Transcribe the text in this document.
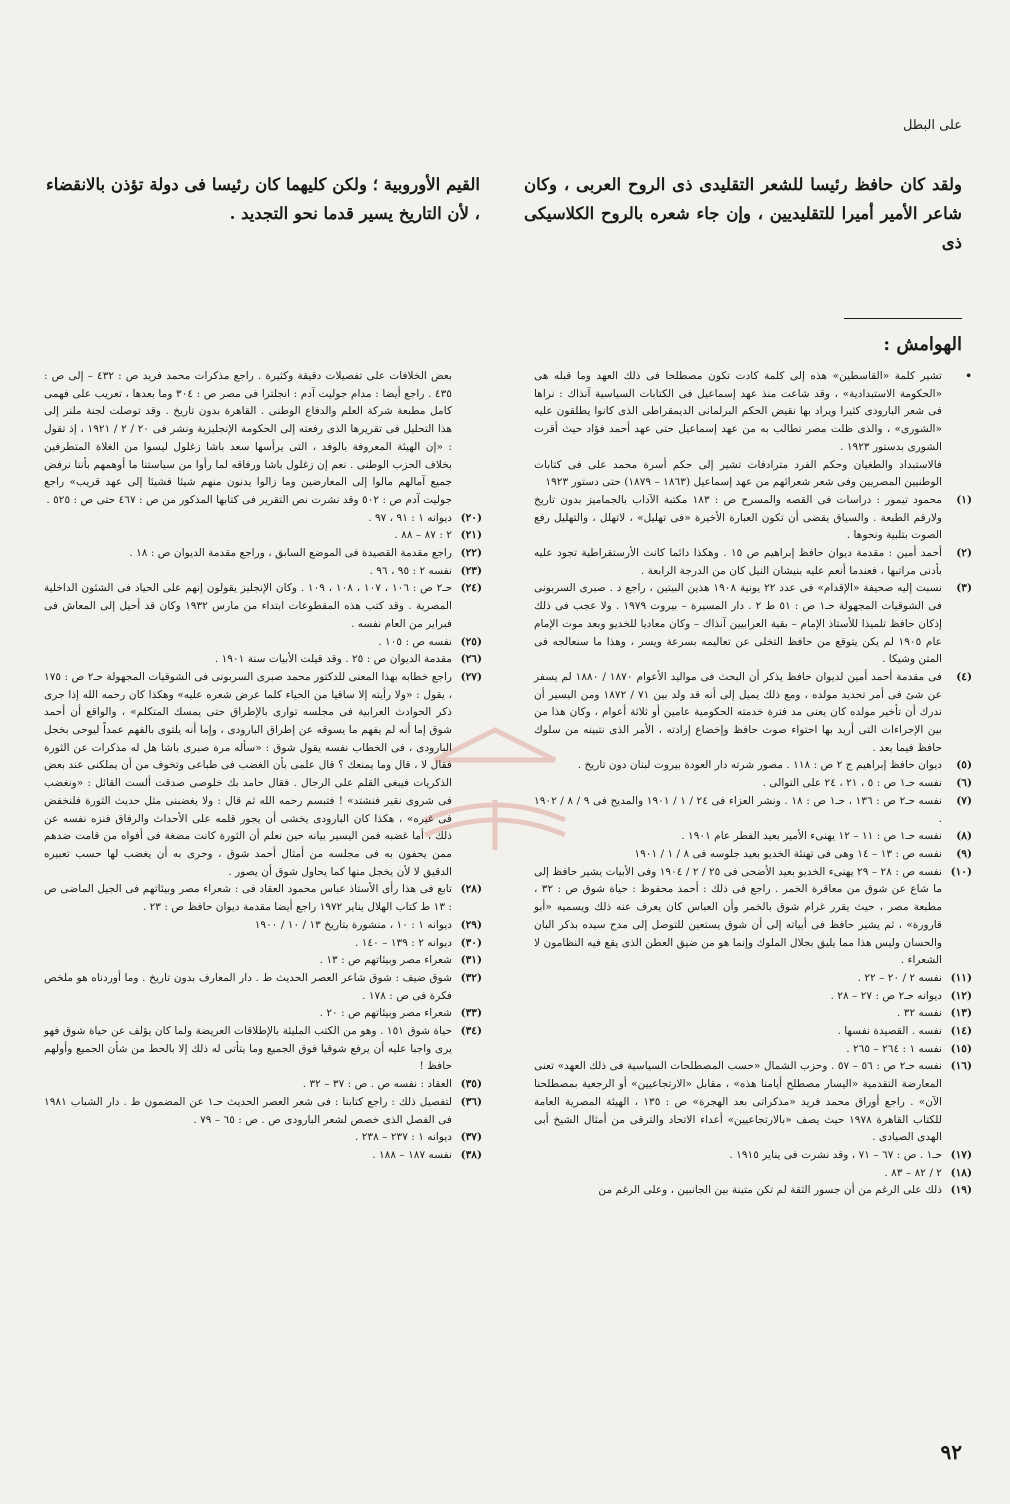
على البطل
ولقد كان حافظ رئيسا للشعر التقليدى ذى الروح العربى ، وكان شاعر الأمير أميرا للتقليديين ، وإن جاء شعره بالروح الكلاسيكى ذى
القيم الأوروبية ؛ ولكن كليهما كان رئيسا فى دولة تؤذن بالانقضاء ، لأن التاريخ يسير قدما نحو التجديد .
الهوامش :
•
تشير كلمة «القاسطين» هذه إلى كلمة كادت تكون مصطلحا فى ذلك العهد وما قبله هى «الحكومة الاستبدادية» ، وقد شاعت منذ عهد إسماعيل فى الكتابات السياسية آنذاك : نراها فى شعر البارودى كثيرا ويراد بها نقيض الحكم البرلمانى الديمقراطى الذى كانوا يطلقون عليه «الشورى» ، والذى ظلت مصر تطالب به من عهد إسماعيل حتى عهد أحمد فؤاد حيث أقرت الشورى بدستور ١٩٢٣ .
فالاستبداد والطغيان وحكم الفرد مترادفات تشير إلى حكم أسرة محمد على فى كتابات الوطنيين المصريين وفى شعر شعرائهم من عهد إسماعيل (١٨٦٣ – ١٨٧٩) حتى دستور ١٩٢٣
(١)
محمود تيمور : دراسات فى القصه والمسرح ص : ١٨٣ مكتبة الآداب بالجماميز بدون تاريخ ولارقم الطبعة . والسياق يقضى أن تكون العبارة الأخيرة «فى تهليل» ، لاتهلل ، والتهليل رفع الصوت بتلبية ونحوها .
(٢)
أحمد أمين : مقدمة ديوان حافظ إبراهيم ص ١٥ . وهكذا دائما كانت الأرستقراطية تجود عليه بأدنى مراتبها ، فعندما أنعم عليه بنيشان النيل كان من الدرجة الرابعة .
(٣)
نسبت إليه صحيفة «الإقدام» فى عدد ٢٢ يونية ١٩٠٨ هذين البيتين ، راجع د . صبرى السربونى فى الشوقيات المجهولة حـ١ ص : ٥١ ط ٢ . دار المسيرة – بيروت ١٩٧٩ . ولا عجب فى ذلك إذكان حافظ تلميذا للأستاذ الإمام – بقية العرابيين آنذاك – وكان معاديا للخديو وبعد موت الإمام عام ١٩٠٥ لم يكن يتوقع من حافظ التخلى عن تعاليمه بسرعة ويسر ، وهذا ما سنعالجه فى المتن وشيكا .
(٤)
فى مقدمة أحمد أمين لديوان حافظ يذكر أن البحث فى مواليد الأعوام ١٨٧٠ / ١٨٨٠ لم يسفر عن شئ فى أمر تحديد مولده ، ومع ذلك يميل إلى أنه قد ولد بين ٧١ / ١٨٧٢ ومن اليسير أن ندرك أن تأخير مولده كان يعنى مد فترة خدمته الحكومية عامين أو ثلاثة أعوام ، وكان هذا من بين الإجراءات التى أريد بها احتواء صوت حافظ وإخضاع إرادته ، الأمر الذى نتبينه من سلوك حافظ فيما بعد .
(٥)
ديوان حافظ إبراهيم ج ٢ ص : ١١٨ . مصور شرته دار العودة بيروت لبنان دون تاريخ .
(٦)
نفسه حـ١ ص : ٥ ، ٢١ ، ٢٤ على التوالى .
(٧)
نفسه حـ٢ ص : ١٣٦ ، حـ١ ص : ١٨ . ونشر العزاء فى ٢٤ / ١ / ١٩٠١ والمديح فى ٩ / ٨ / ١٩٠٢ .
(٨)
نفسه حـ١ ص : ١١ – ١٢ يهنىء الأمير بعيد الفطر عام ١٩٠١ .
(٩)
نفسه ص : ١٣ – ١٤ وهى فى تهنئة الخديو بعيد جلوسه فى ٨ / ١ / ١٩٠١
(١٠)
نفسه ص : ٢٨ – ٢٩ يهنىء الخديو بعيد الأضحى فى ٢٥ / ٢ / ١٩٠٤ وفى الأبيات يشير حافظ إلى ما شاع عن شوق من معاقرة الخمر . راجع فى ذلك : أحمد محفوظ : حياة شوق ص : ٣٢ ، مطبعة مصر ، حيث يقرر غرام شوق بالخمر وأن العباس كان يعرف عنه ذلك ويسميه «أبو قارورة» ، ثم يشير حافظ فى أبياته إلى أن شوق يستعين للتوصل إلى مدح سيده بذكر البان والحسان وليس هذا مما يليق بجلال الملوك وإنما هو من ضيق العطن الذى يقع فيه النظامون لا الشعراء .
(١١)
نفسه ٢ / ٢٠ – ٢٢ .
(١٢)
ديوانه حـ٢ ص : ٢٧ – ٢٨ .
(١٣)
نفسه ٣٢ .
(١٤)
نفسه . القصيدة نفسها .
(١٥)
نفسه ١ : ٢٦٤ – ٢٦٥ .
(١٦)
نفسه حـ٢ ص : ٥٦ – ٥٧ . وحزب الشمال «حسب المصطلحات السياسية فى ذلك العهد» تعنى المعارضة التقدمية «اليسار مصطلح أيامنا هذه» ، مقابل «الارتجاعيين» أو الرجعية بمصطلحنا الآن» . راجع أوراق محمد فريد «مذكراتى بعد الهجرة» ص : ١٣٥ ، الهيئة المصرية العامة للكتاب القاهرة ١٩٧٨ حيث يصف «بالارتجاعيين» أعداء الاتحاد والترقى من أمثال الشيخ أبى الهدى الصيادى .
(١٧)
حـ١ . ص : ٦٧ – ٧١ ، وقد نشرت فى يناير ١٩١٥ .
(١٨)
٢ / ٨٢ – ٨٣ .
(١٩)
ذلك على الرغم من أن جسور الثقة لم تكن متينة بين الجانبين ، وعلى الرغم من
بعض الخلافات على تفصيلات دقيقة وكثيرة . راجع مذكرات محمد فريد ص : ٤٣٢ – إلى ص : ٤٣٥ . راجع أيضا : مدام جوليت آدم : انجلترا فى مصر ص : ٣٠٤ وما بعدها ، تعريب على فهمى كامل مطبعة شركة العلم والدفاع الوطنى . القاهرة بدون تاريخ . وقد توصلت لجنة ملنر إلى هذا التحليل فى تقريرها الذى رفعته إلى الحكومة الإنجليزية ونشر فى ٢٠ / ٢ / ١٩٢١ ، إذ تقول : «إن الهيئة المعروفة بالوفد ، التى يرأسها سعد باشا زغلول ليسوا من الغلاة المتطرفين بخلاف الحزب الوطنى . نعم إن زغلول باشا ورفاقه لما رأوا من سياستنا ما أوهمهم بأننا نرفض جميع آمالهم مالوا إلى المعارضين وما زالوا يدنون منهم شيئا فشيئا إلى عهد قريب» راجع جوليت آدم ص : ٥٠٢ وقد نشرت نص التقرير فى كتابها المذكور من ص : ٤٦٧ حتى ص : ٥٢٥ .
(٢٠)
ديوانه ١ : ٩١ ، ٩٧ .
(٢١)
٢ : ٨٧ – ٨٨ .
(٢٢)
راجع مقدمة القصيدة فى الموضع السابق ، وراجع مقدمة الديوان ص : ١٨ .
(٢٣)
نفسه ٢ : ٩٥ ، ٩٦ .
(٢٤)
حـ٢ ص : ١٠٦ ، ١٠٧ ، ١٠٨ ، ١٠٩ . وكان الإنجليز يقولون إنهم على الحياد فى الشئون الداخلية المصرية . وقد كتب هذه المقطوعات ابتداء من مارس ١٩٣٢ وكان قد أحيل إلى المعاش فى فبراير من العام نفسه .
(٢٥)
نفسه ص : ١٠٥ .
(٢٦)
مقدمة الديوان ص : ٢٥ . وقد قيلت الأبيات سنة ١٩٠١ .
(٢٧)
راجع خطابه بهذا المعنى للدكتور محمد صبرى السربونى فى الشوقيات المجهولة حـ٢ ص : ١٧٥ ، يقول : «ولا رأيته إلا ساقيا من الحياء كلما عرض شعره عليه» وهكذا كان رحمه الله إذا جرى ذكر الحوادث العرابية فى مجلسه توارى بالإطراق حتى يمسك المتكلم» ، والواقع أن أحمد شوق إما أنه لم يفهم ما يسوقه عن إطراق البارودى ، وإما أنه يلتوى بالفهم عمداً ليوحى بخجل البارودى ، فى الخطاب نفسه يقول شوق : «سأله مرة صبرى باشا هل له مذكرات عن الثورة فقال لا ، قال وما يمنعك ؟ قال علمى بأن الغضب فى طباعى وتخوف من أن يملكنى عند بعض الذكريات فيبغى القلم على الرجال . فقال حامد بك خلوصى صدقت ألست القائل : «ونغضب فى شروى نقير فنشتد» ! فتبسم رحمه الله ثم قال : ولا يغضبنى مثل حديث الثورة فلنخفض فى غيره» ، هكذا كان البارودى يخشى أن يجور قلمه على الأحداث والرفاق فنزه نفسه عن ذلك ، أما غضبه فمن اليسير بيانه حين نعلم أن الثورة كانت مضغة فى أفواه من قامت ضدهم ممن يحفون به فى مجلسه من أمثال أحمد شوق ، وحرى به أن يغضب لها حسب تعبيره الدقيق لا لأن يخجل منها كما يحاول شوق أن يصور .
(٢٨)
تابع فى هذا رأى الأستاذ عباس محمود العقاد فى : شعراء مصر وبيئاتهم فى الجيل الماضى ص : ١٣ ط كتاب الهلال يناير ١٩٧٢ راجع أيضا مقدمة ديوان حافظ ص : ٢٣ .
(٢٩)
ديوانه ١ : ١٠ ، منشورة بتاريخ ١٣ / ١٠ / ١٩٠٠
(٣٠)
ديوانه ٢ : ١٣٩ – ١٤٠ .
(٣١)
شعراء مصر وبيئاتهم ص : ١٣ .
(٣٢)
شوق ضيف : شوق شاعر العصر الحديث ط . دار المعارف بدون تاريخ . وما أوردناه هو ملخص فكرة فى ص : ١٧٨ .
(٣٣)
شعراء مصر وبيئاتهم ص : ٢٠ .
(٣٤)
حياة شوق ١٥١ . وهو من الكتب المليئة بالإطلاقات العريضة ولما كان يؤلف عن حياة شوق فهو يرى واجبا عليه أن يرفع شوقيا فوق الجميع وما يتأتى له ذلك إلا بالحط من شأن الجميع وأولهم حافظ !
(٣٥)
العقاد : نفسه ص . ص : ٣٧ – ٣٢ .
(٣٦)
لتفصيل ذلك : راجع كتابنا : فى شعر العصر الحديث حـ١ عن المضمون ط . دار الشباب ١٩٨١ فى الفصل الذى خصص لشعر البارودى ص . ص : ٦٥ – ٧٩ .
(٣٧)
ديوانه ١ : ٢٣٧ – ٢٣٨ .
(٣٨)
نفسه ١٨٧ – ١٨٨ .
٩٢
